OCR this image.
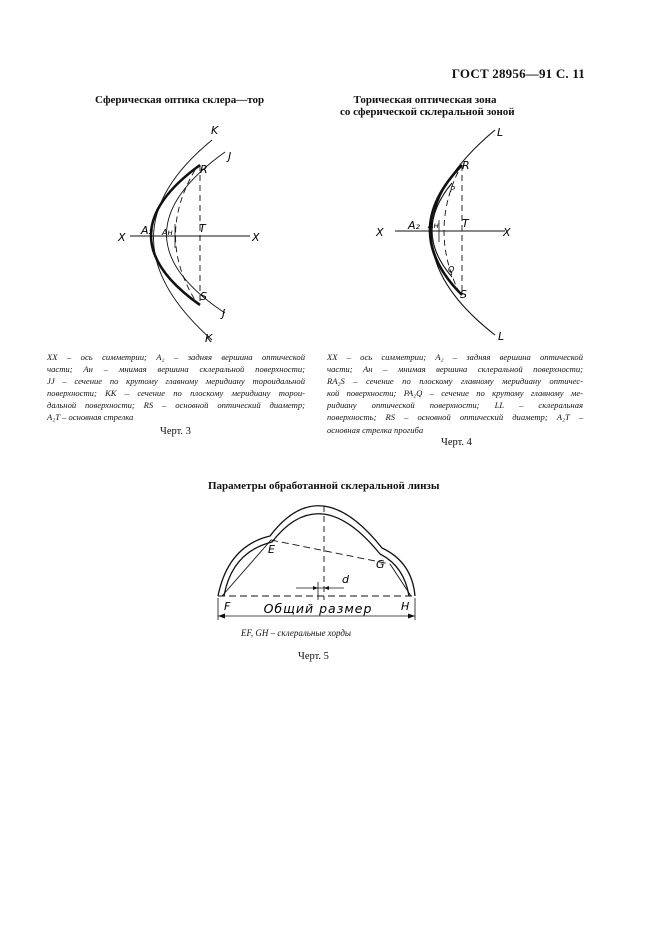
ГОСТ 28956—91 С. 11
Сферическая оптика склера—тор
K
J
R
X
A₂ Aн T
X
S
J
K
XX – ось симметрии; A₂ – задняя вершина оптической
части; Aн – мнимая вершина склеральной поверхности;
JJ – сечение по крутому главному меридиану тороидальной
поверхности; KK – сечение по плоскому меридиану торои-
дальной поверхности; RS – основной оптический диаметр;
A₂T – основная стрелка
Черт. 3
Торическая оптическая зона
со сферической склеральной зоной
L
R
P
X
A₂ Aн T
X
Q
S
L
XX – ось симметрии; A₂ – задняя вершина оптической
части; Aн – мнимая вершина склеральной поверхности;
RA₂S – сечение по плоскому главному меридиану оптичес-
кой поверхности; PA₂Q – сечение по крутому главному ме-
ридиану оптической поверхности; LL – склеральная
поверхность; RS – основной оптический диаметр; A₂T –
основная стрелка прогиба
Черт. 4
Параметры обработанной склеральной линзы
E
G
d
F	H
Общий размер
EF, GH – склеральные хорды
Черт. 5
